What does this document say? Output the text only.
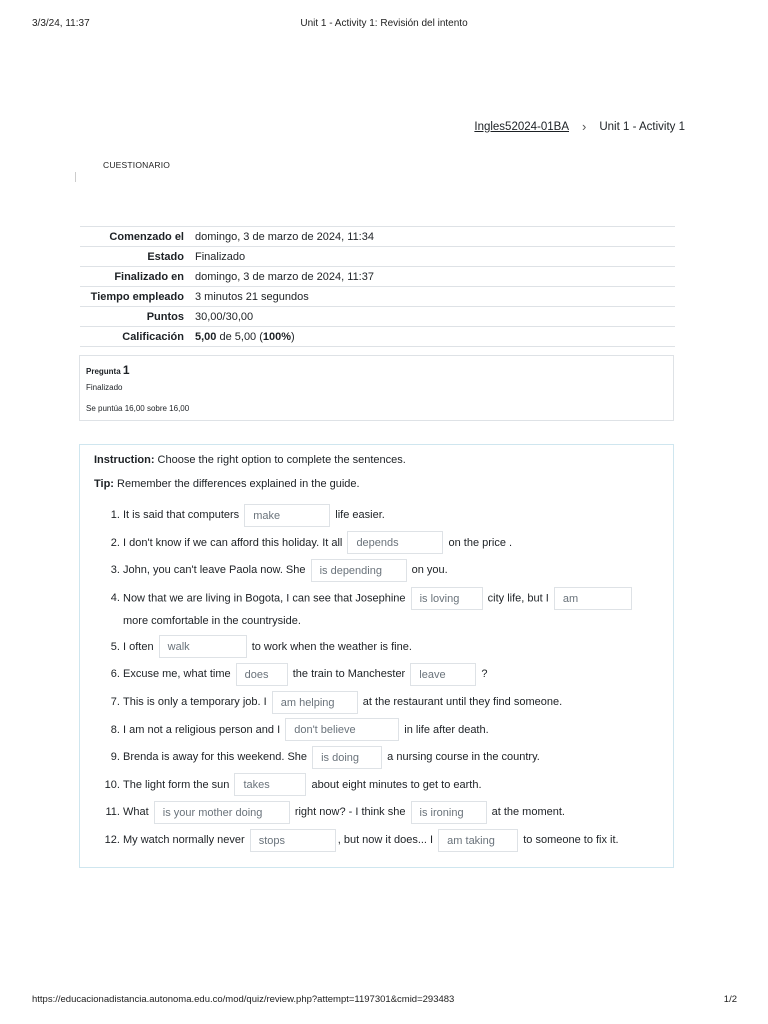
3/3/24, 11:37	Unit 1 - Activity 1: Revisión del intento
Ingles52024-01BA › Unit 1 - Activity 1
CUESTIONARIO
Comenzado el	domingo, 3 de marzo de 2024, 11:34
Estado	Finalizado
Finalizado en	domingo, 3 de marzo de 2024, 11:37
Tiempo empleado	3 minutos 21 segundos
Puntos	30,00/30,00
Calificación	5,00 de 5,00 (100%)
Pregunta 1
Finalizado
Se puntúa 16,00 sobre 16,00

Instruction: Choose the right option to complete the sentences.

Tip: Remember the differences explained in the guide.

1. It is said that computers make	life easier.
2. I don't know if we can afford this holiday. It all depends	on the price .
3. John, you can't leave Paola now. She is depending	on you.
4. Now that we are living in Bogota, I can see that Josephine is loving	city life, but I am more comfortable in the countryside.
5. I often walk	to work when the weather is fine.
6. Excuse me, what time does the train to Manchester leave	?
7. This is only a temporary job. I am helping	at the restaurant until they find someone.
8. I am not a religious person and I don't believe	in life after death.
9. Brenda is away for this weekend. She is doing	a nursing course in the country.
10. The light form the sun takes	about eight minutes to get to earth.
11. What is your mother doing	right now? - I think she is ironing	at the moment.
12. My watch normally never stops	, but now it does... I am taking	to someone to fix it.
https://educacionadistancia.autonoma.edu.co/mod/quiz/review.php?attempt=1197301&cmid=293483	1/2
